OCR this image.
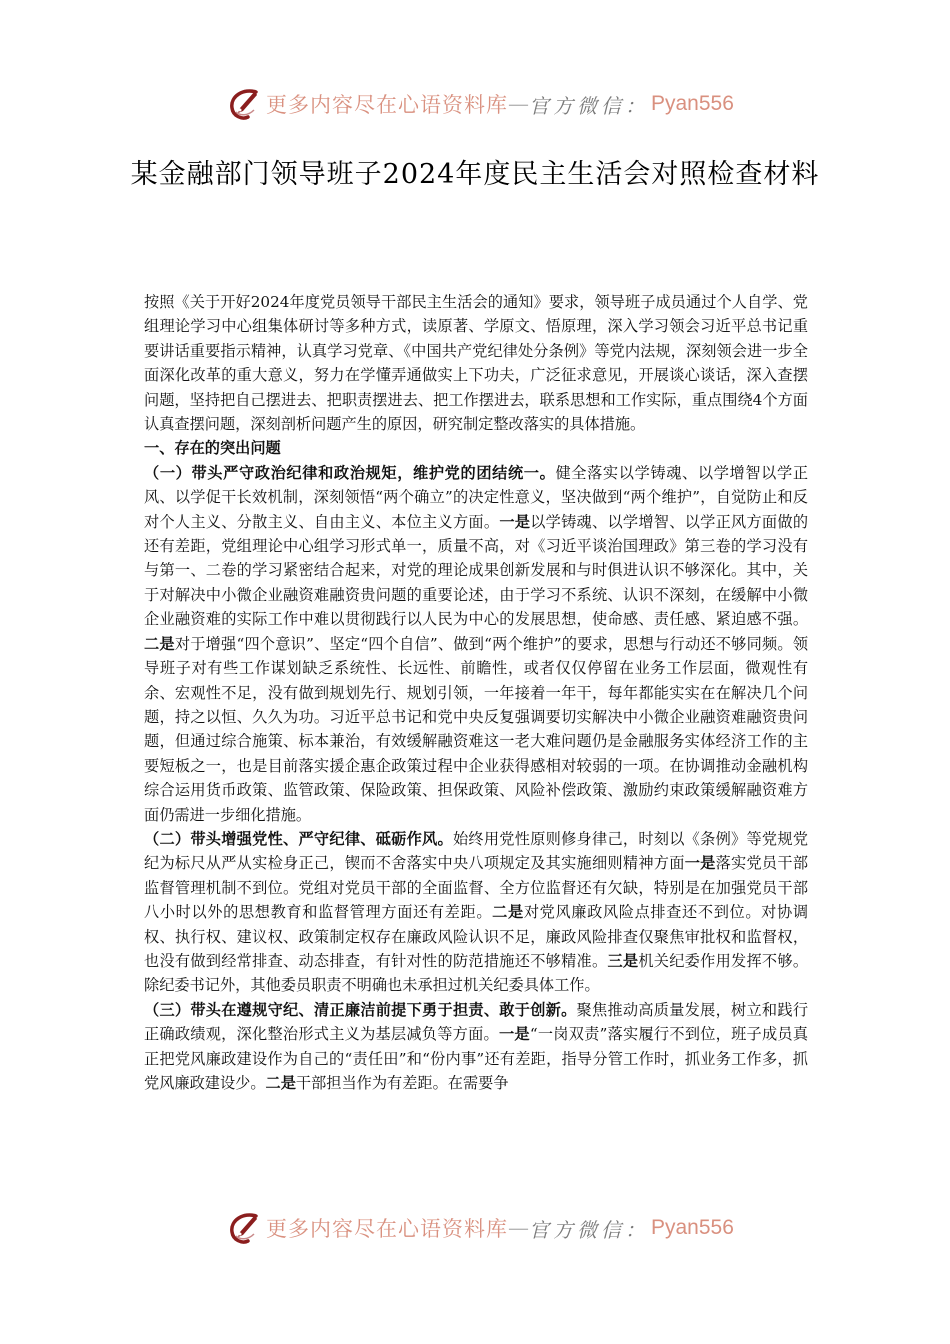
更多内容尽在心语资料库 — 官方微信： Pyan556
某金融部门领导班子2024年度民主生活会对照检查材料

按照《关于开好2024年度党员领导干部民主生活会的通知》要求，领导班子成员通过个人自学、党组理论学习中心组集体研讨等多种方式，读原著、学原文、悟原理，深入学习领会习近平总书记重要讲话重要指示精神，认真学习党章、《中国共产党纪律处分条例》等党内法规，深刻领会进一步全面深化改革的重大意义，努力在学懂弄通做实上下功夫，广泛征求意见，开展谈心谈话，深入查摆问题，坚持把自己摆进去、把职责摆进去、把工作摆进去，联系思想和工作实际，重点围绕4个方面认真查摆问题，深刻剖析问题产生的原因，研究制定整改落实的具体措施。

一、存在的突出问题

（一）带头严守政治纪律和政治规矩，维护党的团结统一。健全落实以学铸魂、以学增智以学正风、以学促干长效机制，深刻领悟“两个确立”的决定性意义，坚决做到“两个维护”，自觉防止和反对个人主义、分散主义、自由主义、本位主义方面。一是以学铸魂、以学增智、以学正风方面做的还有差距，党组理论中心组学习形式单一，质量不高，对《习近平谈治国理政》第三卷的学习没有与第一、二卷的学习紧密结合起来，对党的理论成果创新发展和与时俱进认识不够深化。其中，关于对解决中小微企业融资难融资贵问题的重要论述，由于学习不系统、认识不深刻，在缓解中小微企业融资难的实际工作中难以贯彻践行以人民为中心的发展思想，使命感、责任感、紧迫感不强。二是对于增强“四个意识”、坚定“四个自信”、做到“两个维护”的要求，思想与行动还不够同频。领导班子对有些工作谋划缺乏系统性、长远性、前瞻性，或者仅仅停留在业务工作层面，微观性有余、宏观性不足，没有做到规划先行、规划引领，一年接着一年干，每年都能实实在在解决几个问题，持之以恒、久久为功。习近平总书记和党中央反复强调要切实解决中小微企业融资难融资贵问题，但通过综合施策、标本兼治，有效缓解融资难这一老大难问题仍是金融服务实体经济工作的主要短板之一，也是目前落实援企惠企政策过程中企业获得感相对较弱的一项。在协调推动金融机构综合运用货币政策、监管政策、保险政策、担保政策、风险补偿政策、激励约束政策缓解融资难方面仍需进一步细化措施。

（二）带头增强党性、严守纪律、砥砺作风。始终用党性原则修身律己，时刻以《条例》等党规党纪为标尺从严从实检身正己，锲而不舍落实中央八项规定及其实施细则精神方面一是落实党员干部监督管理机制不到位。党组对党员干部的全面监督、全方位监督还有欠缺，特别是在加强党员干部八小时以外的思想教育和监督管理方面还有差距。二是对党风廉政风险点排查还不到位。对协调权、执行权、建议权、政策制定权存在廉政风险认识不足，廉政风险排查仅聚焦审批权和监督权，也没有做到经常排查、动态排查，有针对性的防范措施还不够精准。三是机关纪委作用发挥不够。除纪委书记外，其他委员职责不明确也未承担过机关纪委具体工作。

（三）带头在遵规守纪、清正廉洁前提下勇于担责、敢于创新。聚焦推动高质量发展，树立和践行正确政绩观，深化整治形式主义为基层减负等方面。一是“一岗双责”落实履行不到位，班子成员真正把党风廉政建设作为自己的“责任田”和“份内事”还有差距，指导分管工作时，抓业务工作多，抓党风廉政建设少。二是干部担当作为有差距。在需要争

更多内容尽在心语资料库 — 官方微信： Pyan556
